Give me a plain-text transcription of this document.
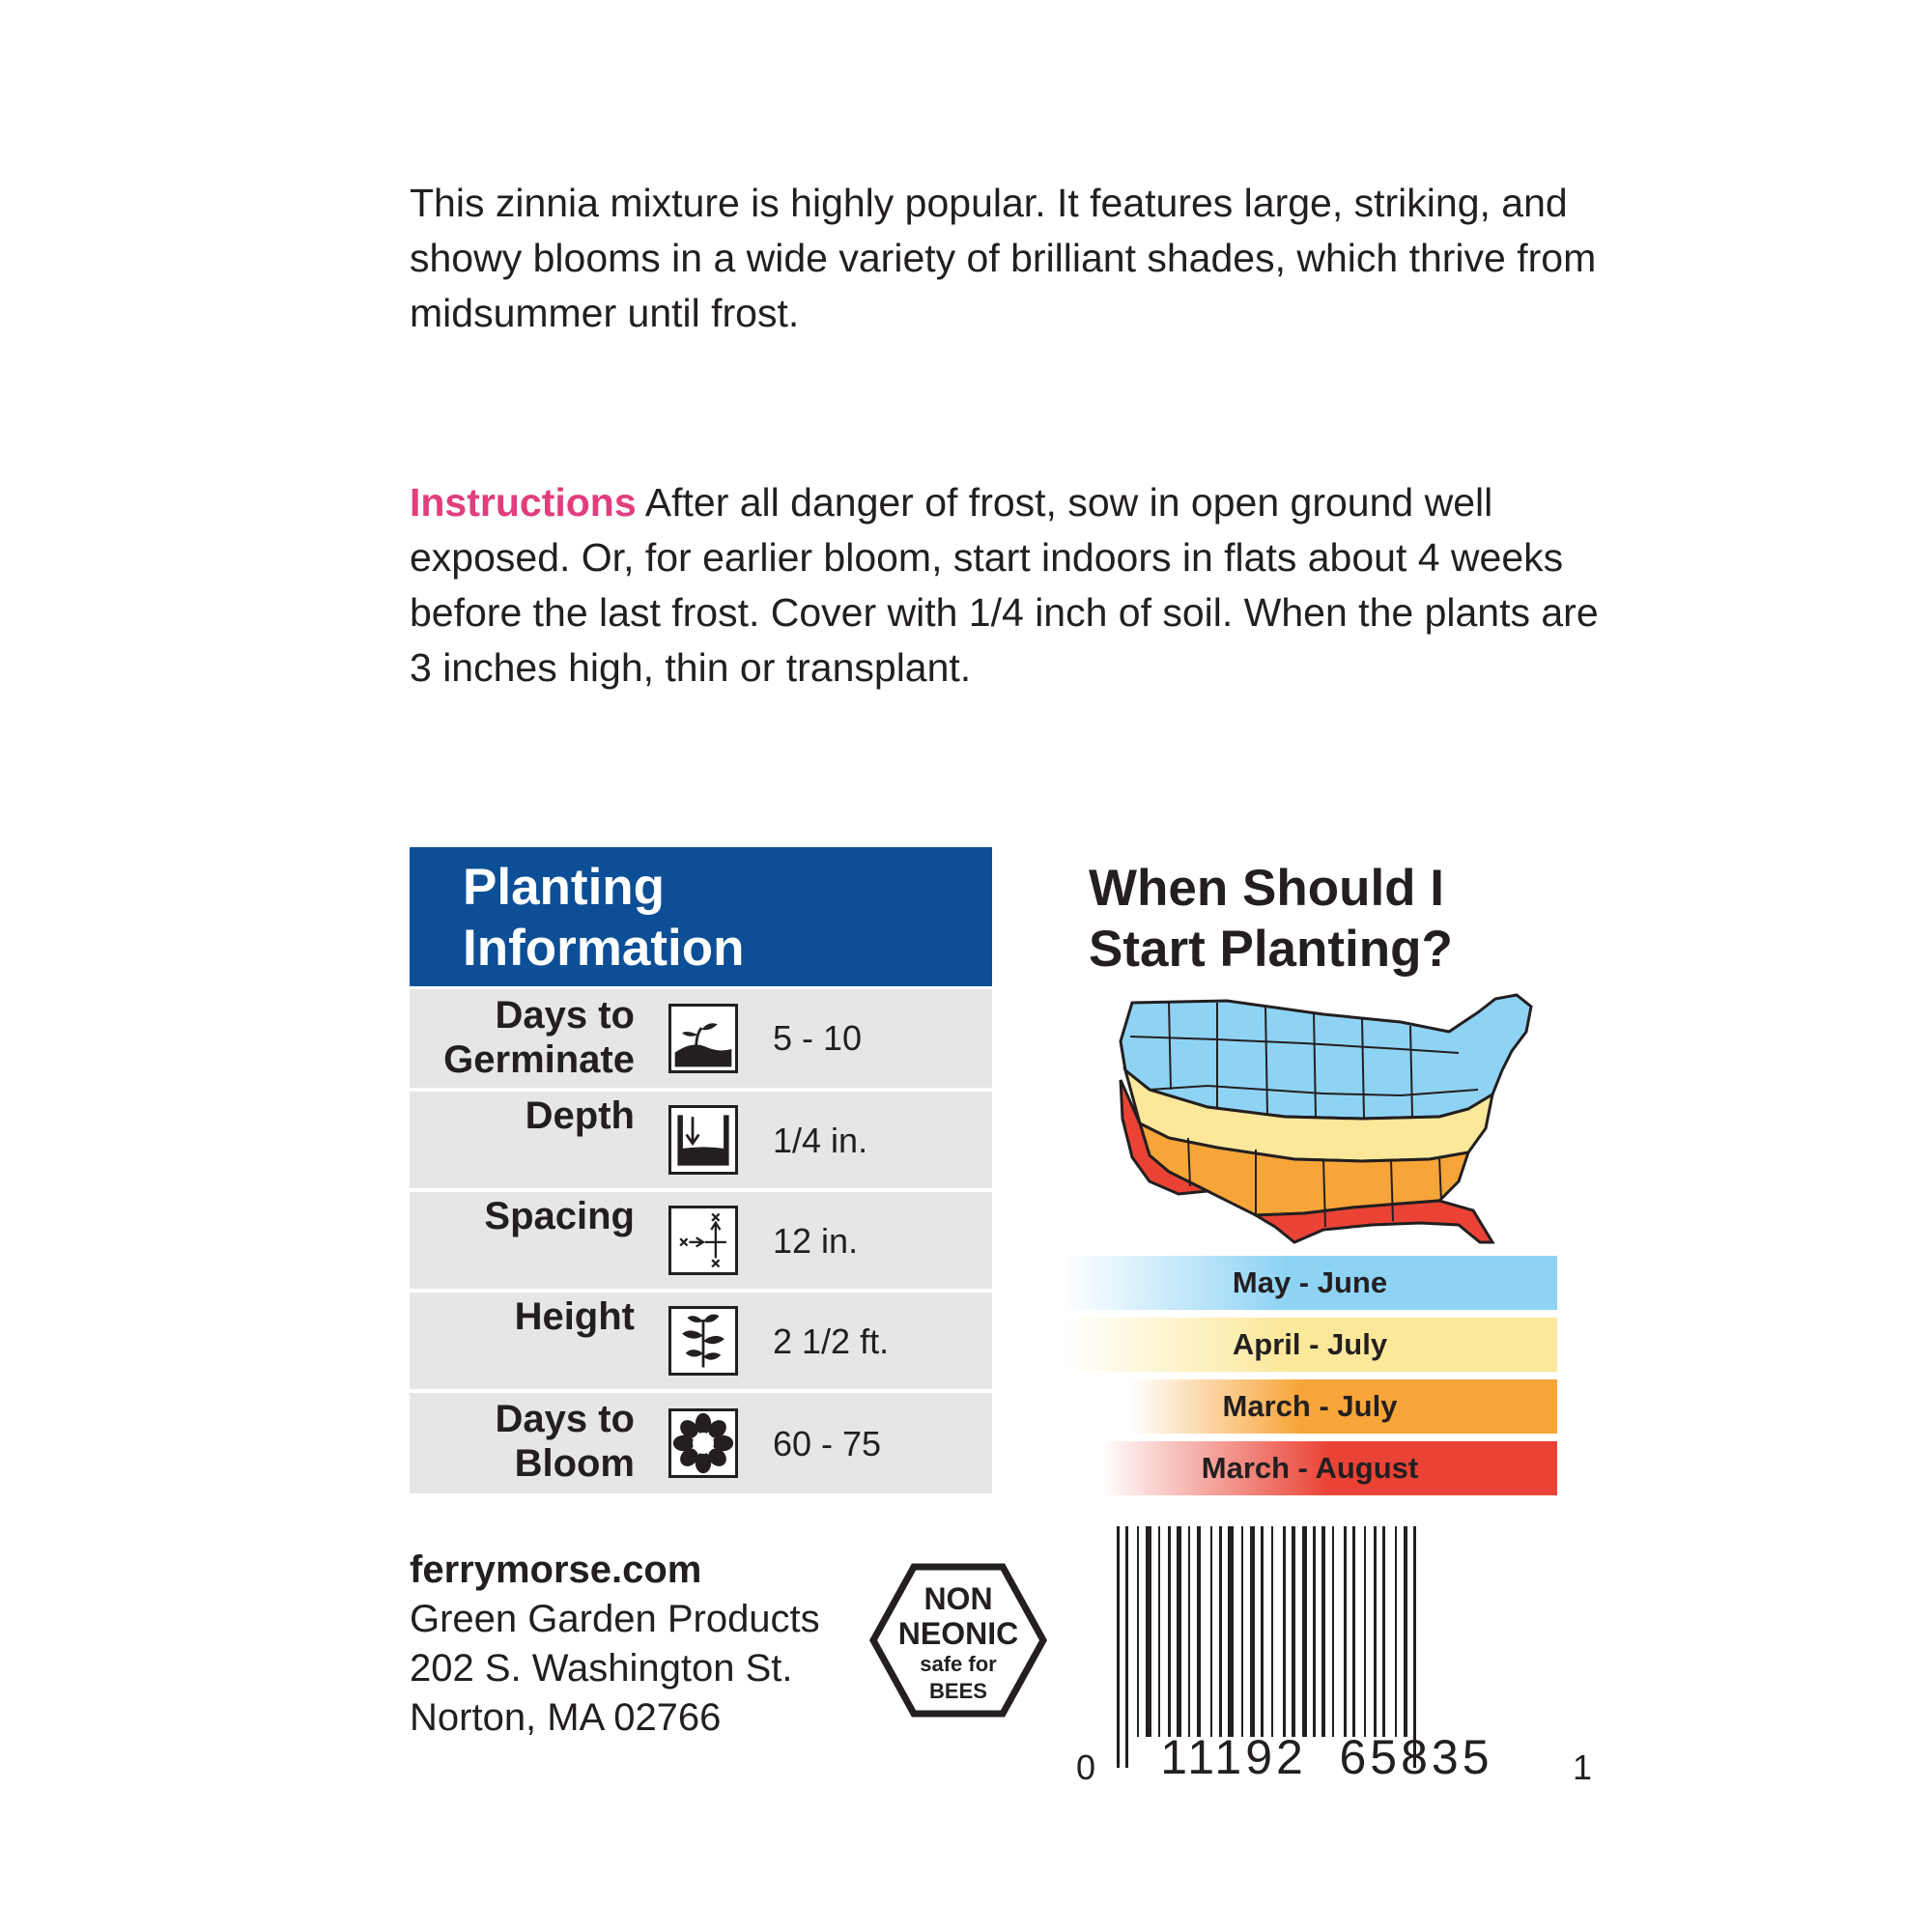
This zinnia mixture is highly popular. It features large, striking, and showy blooms in a wide variety of brilliant shades, which thrive from midsummer until frost.

Instructions After all danger of frost, sow in open ground well exposed. Or, for earlier bloom, start indoors in flats about 4 weeks before the last frost. Cover with 1/4 inch of soil. When the plants are 3 inches high, thin or transplant.

Planting
Information
Days to
Germinate
5 - 10
Depth
1/4 in.
Spacing
12 in.
Height
2 1/2 ft.
Days to
Bloom	60 - 75
When Should I
Start Planting?
May - June
April - July
March - July
March - August
ferrymorse.com
Green Garden Products
202 S. Washington St.
Norton, MA 02766
NON
NEONIC
safe for
BEES
0 11192 65835 1
